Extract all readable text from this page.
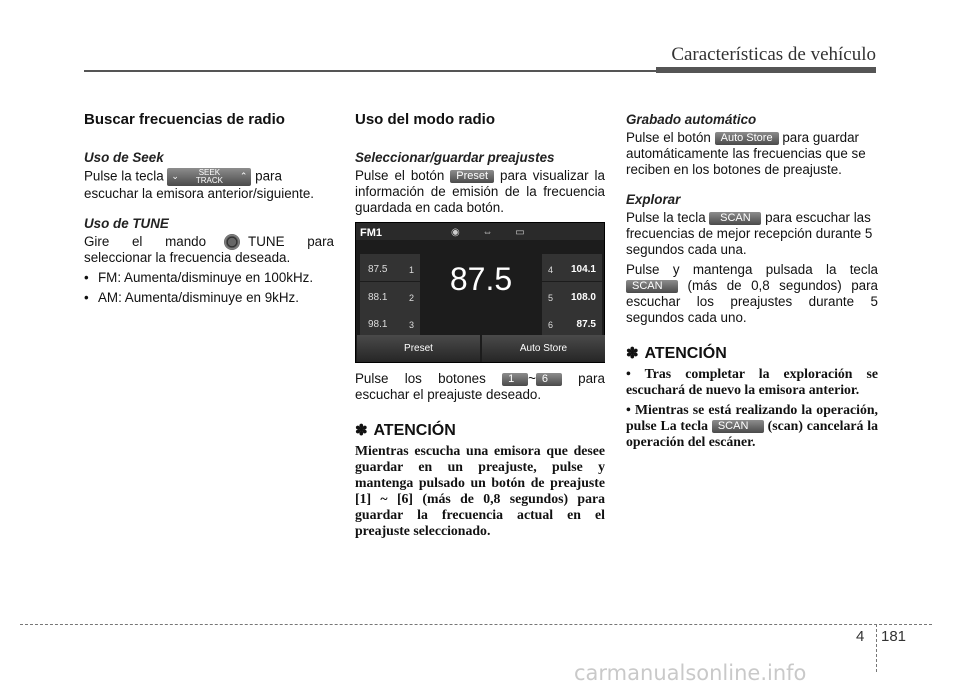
Características de vehículo
Buscar frecuencias de radio
Uso de Seek

Pulse la tecla ⌄ SEEK
TRACK ⌃ para escuchar la emisora anterior/siguiente.

Uso de TUNE

Gire el mando	TUNE para seleccionar la frecuencia deseada.

• FM: Aumenta/disminuye en 100kHz.
• AM: Aumenta/disminuye en 9kHz.
Uso del modo radio
Seleccionar/guardar preajustes

Pulse el botón Preset para visualizar la información de emisión de la frecuencia guardada en cada botón.

FM1	◉ ⇔ ▭
87.5 1
88.1 2
98.1 3
87.5	4 104.1
5 108.0
6 87.5
Preset	Auto Store

Pulse los botones 1 ~ 6 para escuchar el preajuste deseado.

✽ ATENCIÓN

Mientras escucha una emisora que desee guardar en un preajuste, pulse y mantenga pulsado un botón de preajuste [1] ~ [6] (más de 0,8 segundos) para guardar la frecuencia actual en el preajuste seleccionado.

Grabado automático

Pulse el botón Auto Store para guardar automáticamente las frecuencias que se reciben en los botones de preajuste.

Explorar

Pulse la tecla SCAN para escuchar las frecuencias de mejor recepción durante 5 segundos cada una.

Pulse y mantenga pulsada la tecla SCAN (más de 0,8 segundos) para escuchar los preajustes durante 5 segundos cada uno.

✽ ATENCIÓN
• Tras completar la exploración se escuchará de nuevo la emisora anterior.
• Mientras se está realizando la operación, pulse La tecla SCAN (scan) cancelará la operación del escáner.
4 181
carmanualsonline.info
